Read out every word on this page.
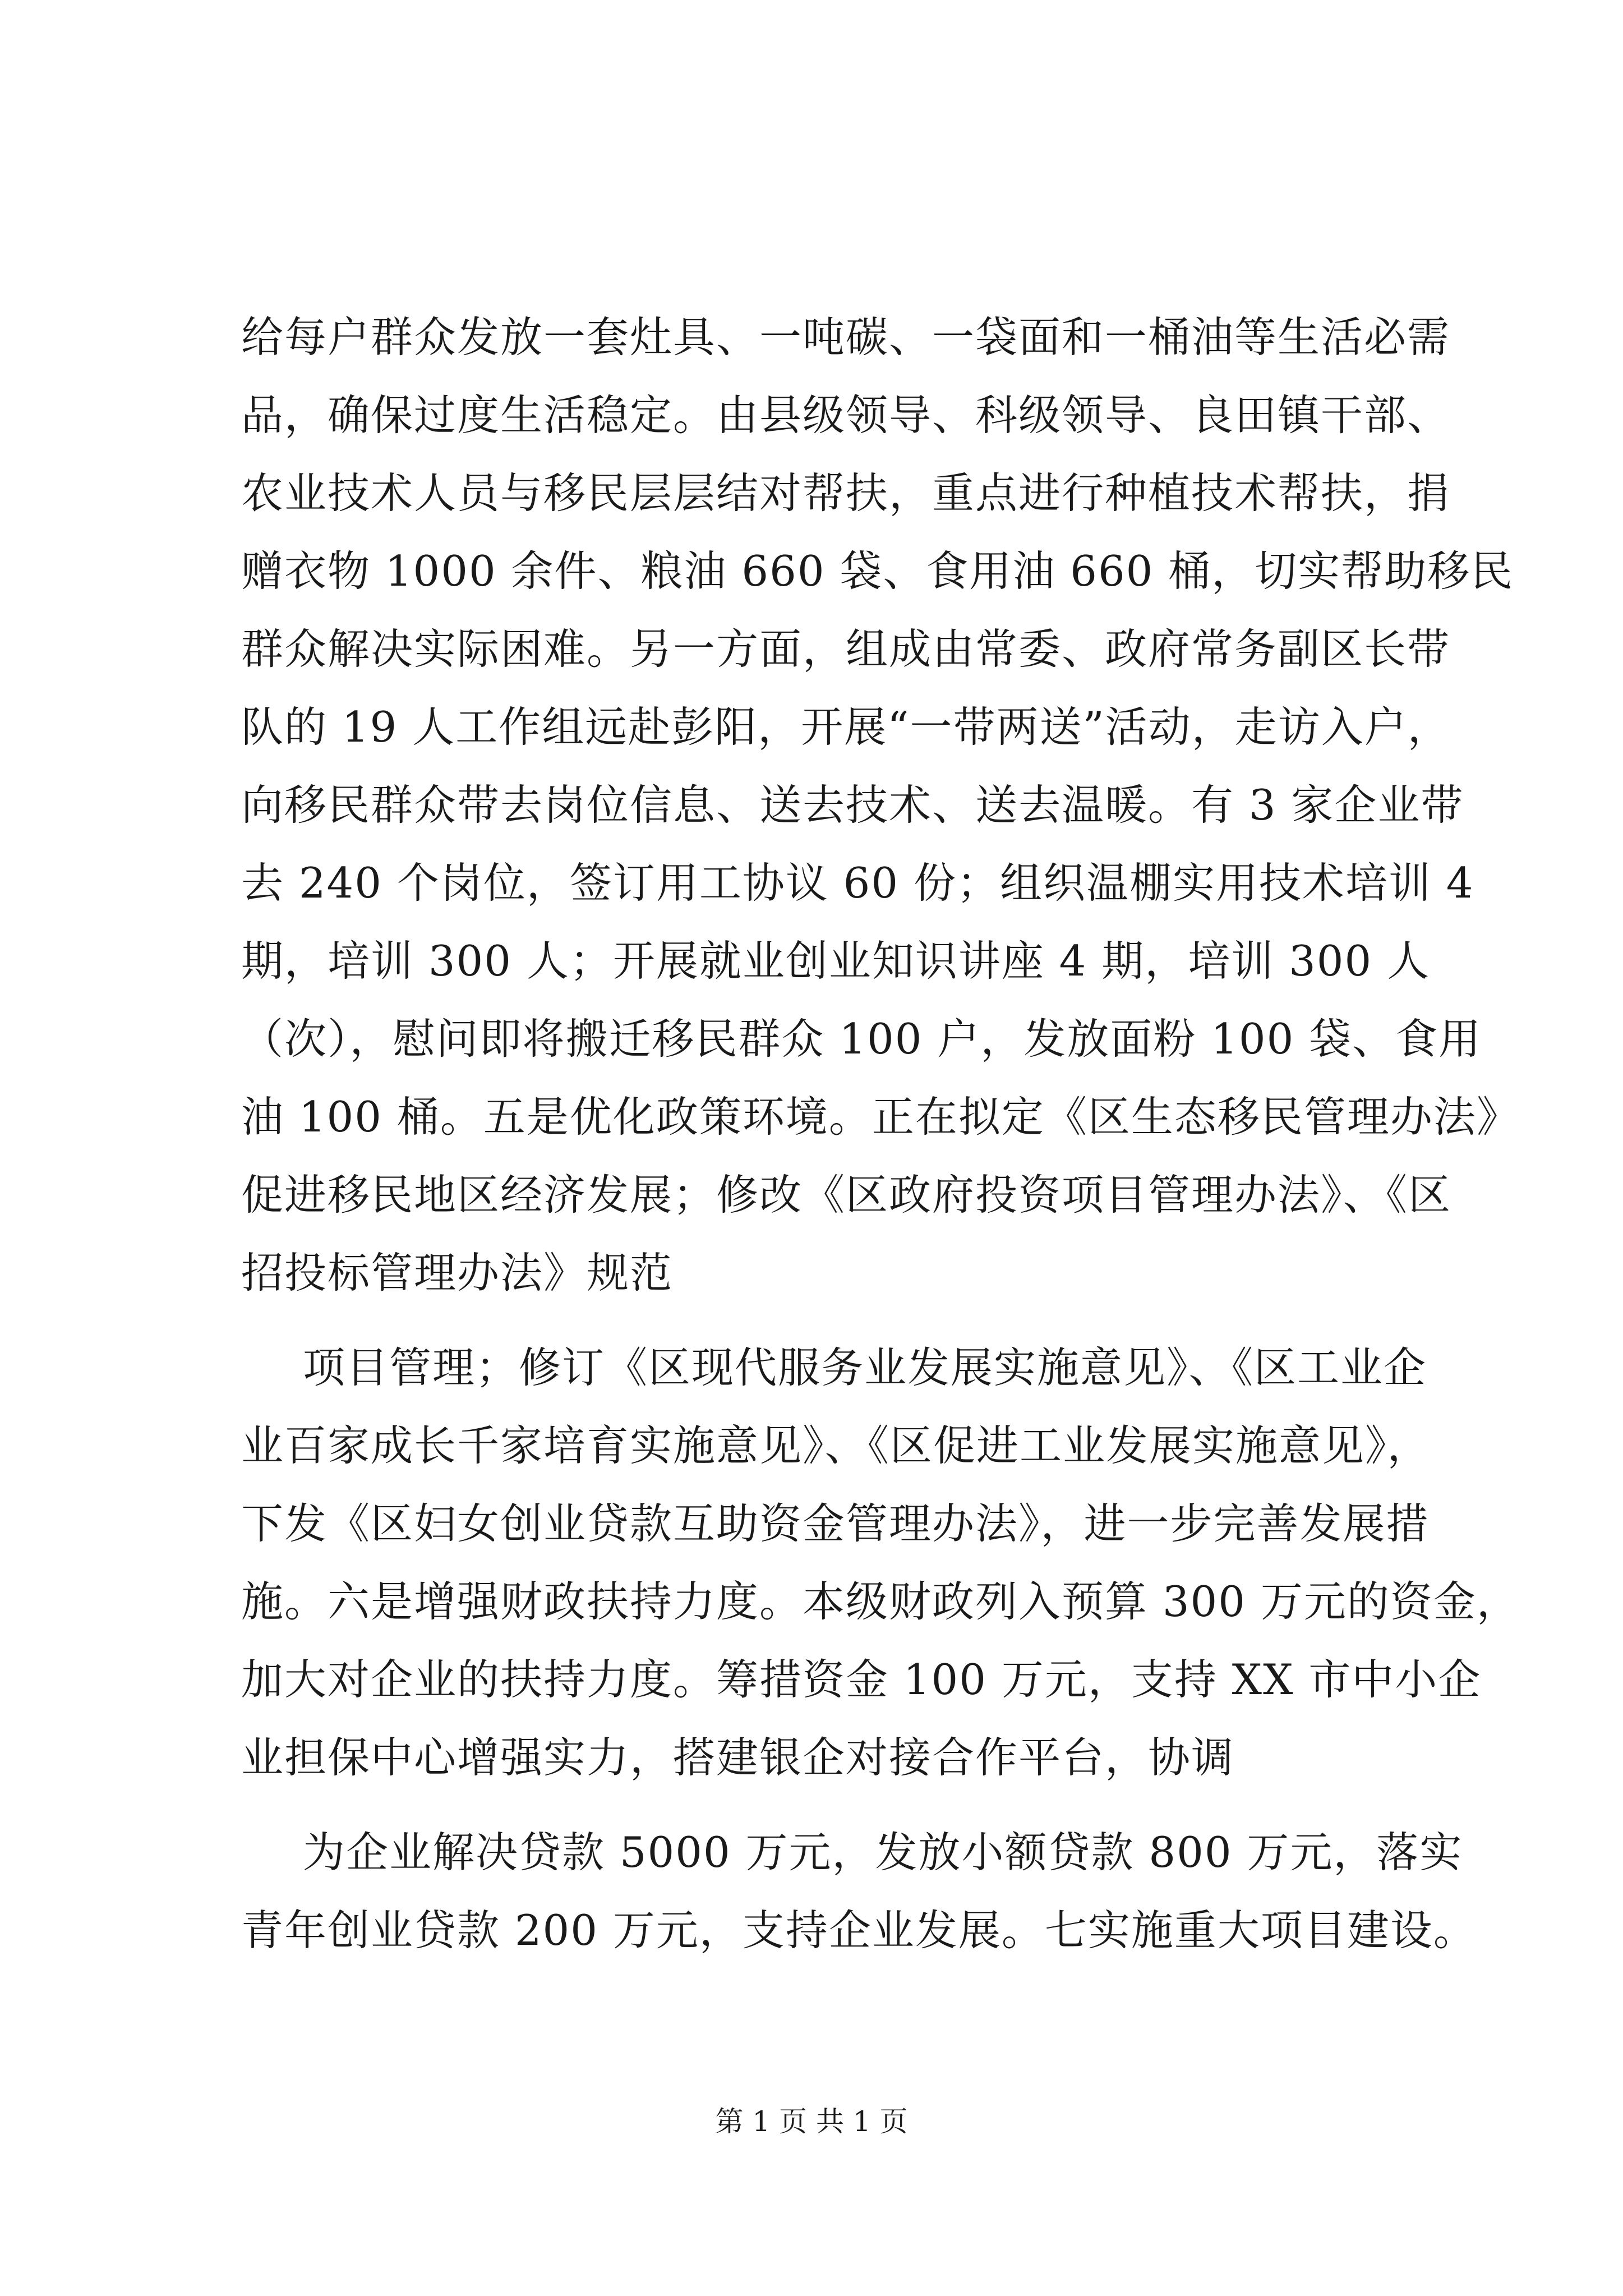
给每户群众发放一套灶具、一吨碳、一袋面和一桶油等生活必需

品，确保过度生活稳定。由县级领导、科级领导、良田镇干部、

农业技术人员与移民层层结对帮扶，重点进行种植技术帮扶，捐

赠衣物 1000 余件、粮油 660 袋、食用油 660 桶，切实帮助移民

群众解决实际困难。另一方面，组成由常委、政府常务副区长带

队的 19 人工作组远赴彭阳，开展“一带两送”活动，走访入户，

向移民群众带去岗位信息、送去技术、送去温暖。有 3 家企业带

去 240 个岗位，签订用工协议 60 份；组织温棚实用技术培训 4

期，培训 300 人；开展就业创业知识讲座 4 期，培训 300 人

（次），慰问即将搬迁移民群众 100 户，发放面粉 100 袋、食用

油 100 桶。五是优化政策环境。正在拟定《区生态移民管理办法》

促进移民地区经济发展；修改《区政府投资项目管理办法》、《区

招投标管理办法》规范

项目管理；修订《区现代服务业发展实施意见》、《区工业企

业百家成长千家培育实施意见》、《区促进工业发展实施意见》，

下发《区妇女创业贷款互助资金管理办法》，进一步完善发展措

施。六是增强财政扶持力度。本级财政列入预算 300 万元的资金，

加大对企业的扶持力度。筹措资金 100 万元，支持 XX 市中小企

业担保中心增强实力，搭建银企对接合作平台，协调

为企业解决贷款 5000 万元，发放小额贷款 800 万元，落实

青年创业贷款 200 万元，支持企业发展。七实施重大项目建设。

第 1 页 共 1 页
